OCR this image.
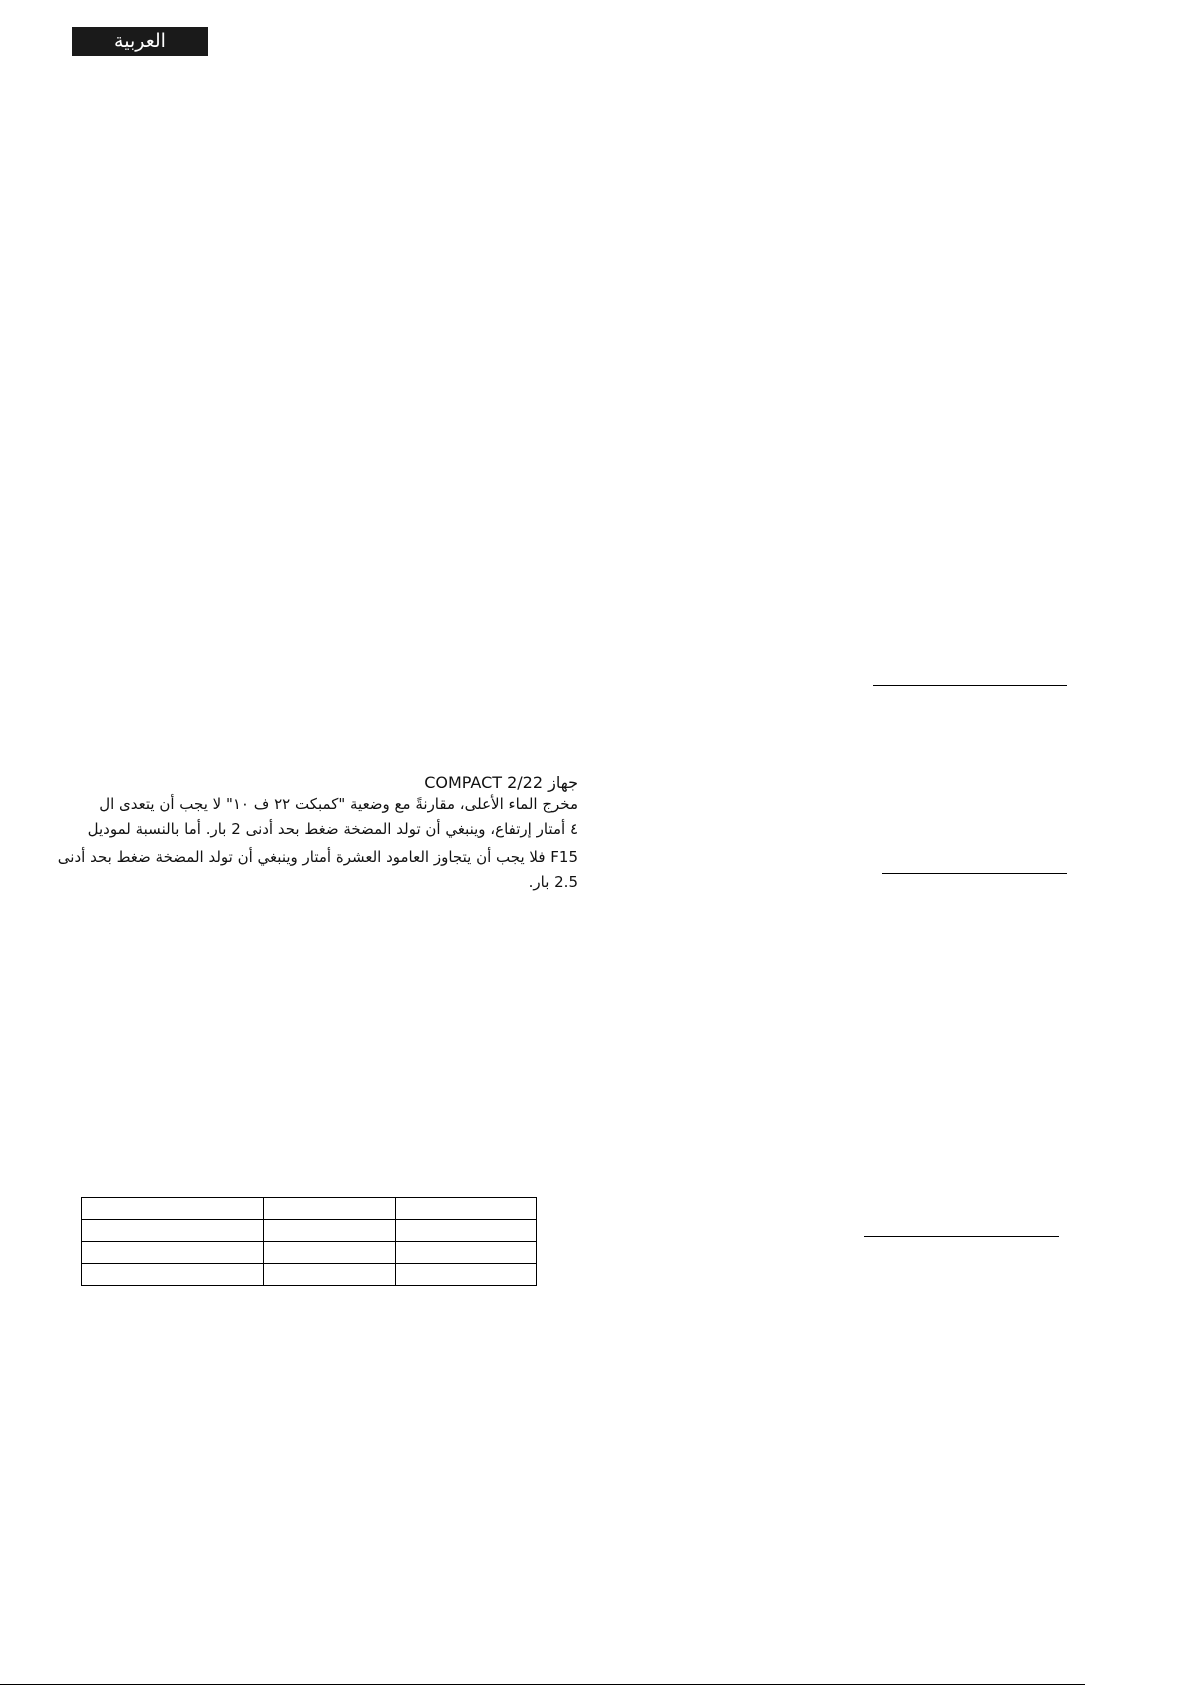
العربية

جهاز COMPACT 2/22

مخرج الماء الأعلى، مقارنةً مع وضعية "كمبكت ٢٢ ف ١٠" لا يجب أن يتعدى ال

٤ أمتار إرتفاع، وينبغي أن تولد المضخة ضغط بحد أدنى 2 بار. أما بالنسبة لموديل

F15 فلا يجب أن يتجاوز العامود العشرة أمتار وينبغي أن تولد المضخة ضغط بحد أدنى

2.5 بار.
